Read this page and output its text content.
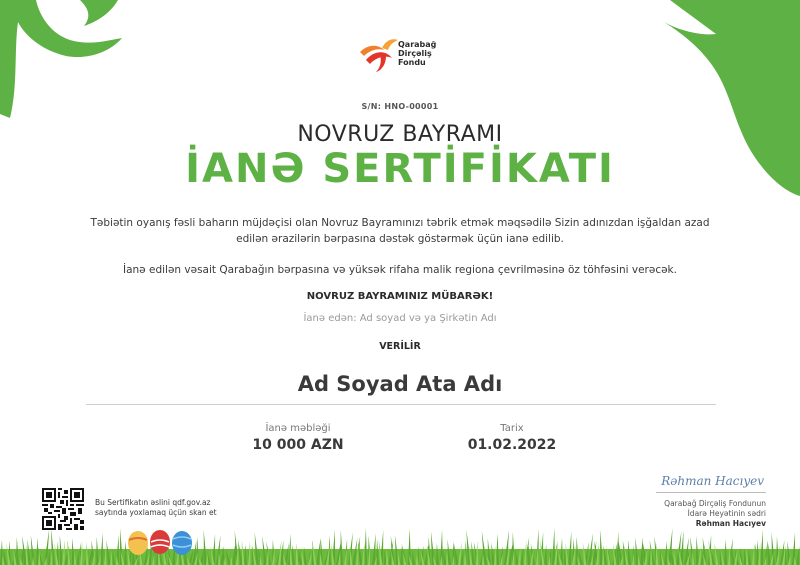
Qarabağ
Dirçəliş
Fondu
S/N: HNO-00001
NOVRUZ BAYRAMI
İANƏ SERTİFİKATI
Təbiətin oyanış fəsli baharın müjdəçisi olan Novruz Bayramınızı təbrik etmək məqsədilə Sizin adınızdan işğaldan azad edilən ərazilərin bərpasına dəstək göstərmək üçün ianə edilib.
İanə edilən vəsait Qarabağın bərpasına və yüksək rifaha malik regiona çevrilməsinə öz töhfəsini verəcək.
NOVRUZ BAYRAMINIZ MÜBARƏK!
İanə edən: Ad soyad və ya Şirkətin Adı
VERİLİR
Ad Soyad Ata Adı
İanə məbləği
10 000 AZN
Tarix
01.02.2022
Bu Sertifikatın əslini qdf.gov.az
saytında yoxlamaq üçün skan et
Rəhman Hacıyev
Qarabağ Dirçəliş Fondunun
İdarə Heyətinin sədri
Rəhman Hacıyev
